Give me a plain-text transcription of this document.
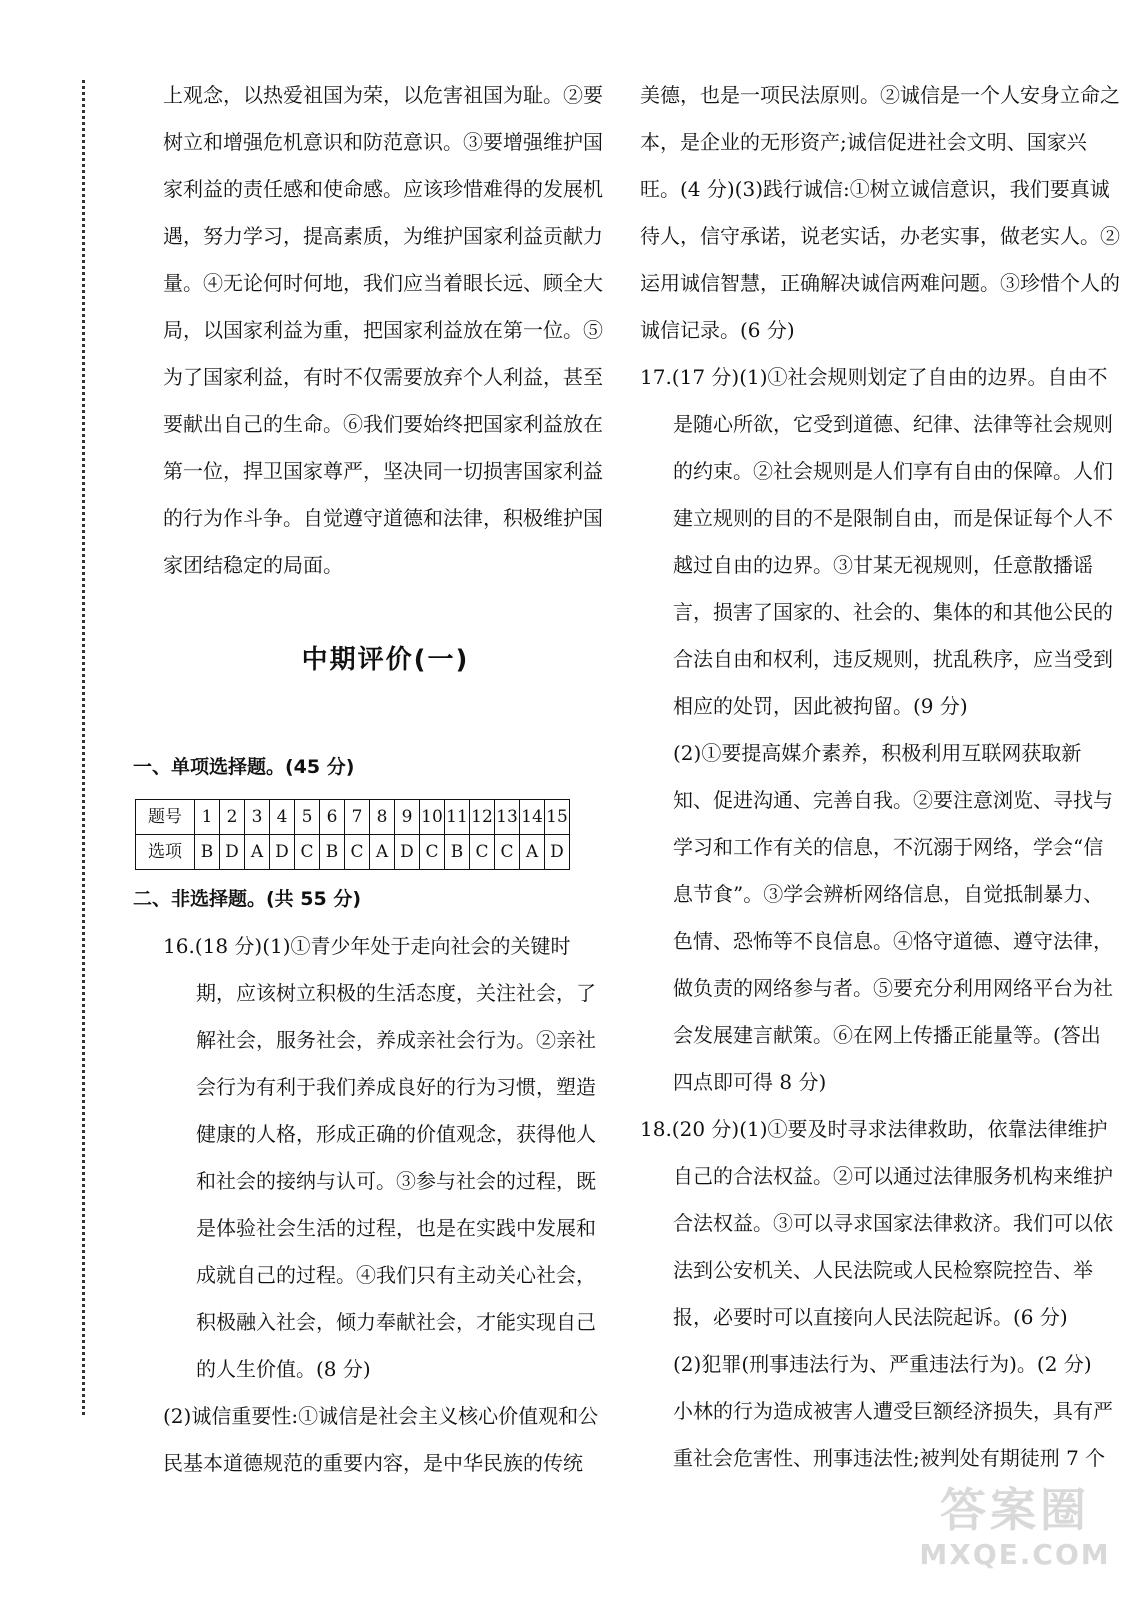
上观念，以热爱祖国为荣，以危害祖国为耻。②要树立和增强危机意识和防范意识。③要增强维护国家利益的责任感和使命感。应该珍惜难得的发展机遇，努力学习，提高素质，为维护国家利益贡献力量。④无论何时何地，我们应当着眼长远、顾全大局，以国家利益为重，把国家利益放在第一位。⑤为了国家利益，有时不仅需要放弃个人利益，甚至要献出自己的生命。⑥我们要始终把国家利益放在第一位，捍卫国家尊严，坚决同一切损害国家利益的行为作斗争。自觉遵守道德和法律，积极维护国家团结稳定的局面。

中期评价(一)

一、单项选择题。(45 分)

题号	1	2	3	4	5	6	7	8	9	10	11	12	13	14	15
选项	B	D	A	D	C	B	C	A	D	C	B	C	C	A	D

二、非选择题。(共 55 分)

16.(18 分)(1)①青少年处于走向社会的关键时期，应该树立积极的生活态度，关注社会，了解社会，服务社会，养成亲社会行为。②亲社会行为有利于我们养成良好的行为习惯，塑造健康的人格，形成正确的价值观念，获得他人和社会的接纳与认可。③参与社会的过程，既是体验社会生活的过程，也是在实践中发展和成就自己的过程。④我们只有主动关心社会，积极融入社会，倾力奉献社会，才能实现自己的人生价值。(8 分)

(2)诚信重要性:①诚信是社会主义核心价值观和公民基本道德规范的重要内容，是中华民族的传统

美德，也是一项民法原则。②诚信是一个人安身立命之本，是企业的无形资产;诚信促进社会文明、国家兴旺。(4 分)(3)践行诚信:①树立诚信意识，我们要真诚待人，信守承诺，说老实话，办老实事，做老实人。②运用诚信智慧，正确解决诚信两难问题。③珍惜个人的诚信记录。(6 分)

17.(17 分)(1)①社会规则划定了自由的边界。自由不是随心所欲，它受到道德、纪律、法律等社会规则的约束。②社会规则是人们享有自由的保障。人们建立规则的目的不是限制自由，而是保证每个人不越过自由的边界。③甘某无视规则，任意散播谣言，损害了国家的、社会的、集体的和其他公民的合法自由和权利，违反规则，扰乱秩序，应当受到相应的处罚，因此被拘留。(9 分)

(2)①要提高媒介素养，积极利用互联网获取新知、促进沟通、完善自我。②要注意浏览、寻找与学习和工作有关的信息，不沉溺于网络，学会“信息节食”。③学会辨析网络信息，自觉抵制暴力、色情、恐怖等不良信息。④恪守道德、遵守法律，做负责的网络参与者。⑤要充分利用网络平台为社会发展建言献策。⑥在网上传播正能量等。(答出四点即可得 8 分)

18.(20 分)(1)①要及时寻求法律救助，依靠法律维护自己的合法权益。②可以通过法律服务机构来维护合法权益。③可以寻求国家法律救济。我们可以依法到公安机关、人民法院或人民检察院控告、举报，必要时可以直接向人民法院起诉。(6 分)

(2)犯罪(刑事违法行为、严重违法行为)。(2 分)

小林的行为造成被害人遭受巨额经济损失，具有严重社会危害性、刑事违法性;被判处有期徒刑 7 个

答案圈
MXQE.COM
